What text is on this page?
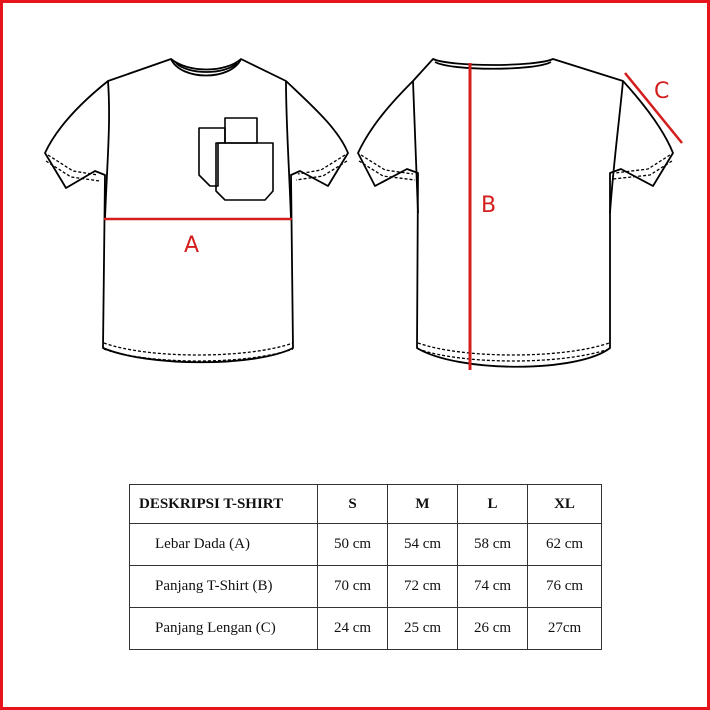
A
B
C
DESKRIPSI T-SHIRT	S	M	L	XL
Lebar Dada (A)	50 cm	54 cm	58 cm	62 cm
Panjang T-Shirt (B)	70 cm	72 cm	74 cm	76 cm
Panjang Lengan (C)	24 cm	25 cm	26 cm	27cm
